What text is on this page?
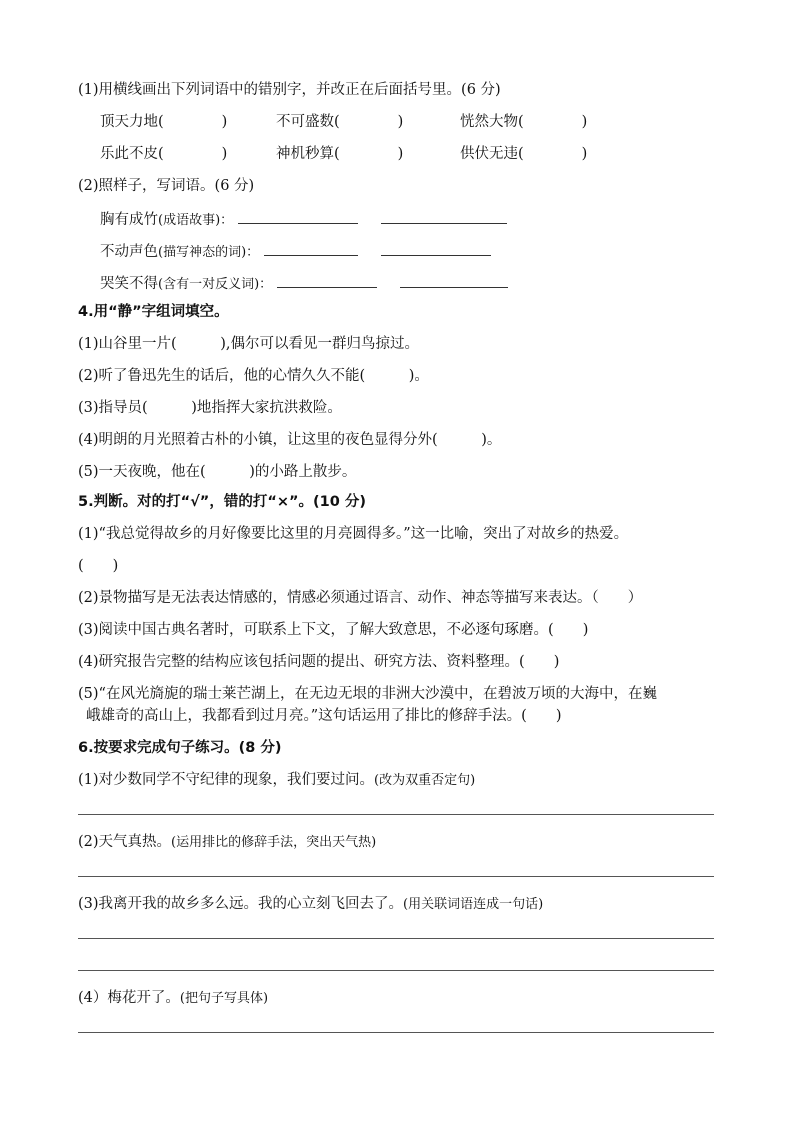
(1)用横线画出下列词语中的错别字，并改正在后面括号里。(6 分)
顶天力地(　　　　)	不可盛数(　　　　)	恍然大物(　　　　)
乐此不皮(　　　　)	神机秒算(　　　　)	供伏无违(　　　　)
(2)照样子，写词语。(6 分)
胸有成竹(成语故事)：
不动声色(描写神态的词)：
哭笑不得(含有一对反义词)：
4.用“静”字组词填空。
(1)山谷里一片(　　　),偶尔可以看见一群归鸟掠过。
(2)听了鲁迅先生的话后，他的心情久久不能(　　　)。
(3)指导员(　　　)地指挥大家抗洪救险。
(4)明朗的月光照着古朴的小镇，让这里的夜色显得分外(　　　)。
(5)一天夜晚，他在(　　　)的小路上散步。
5.判断。对的打“√”，错的打“×”。(10 分)
(1)“我总觉得故乡的月好像要比这里的月亮圆得多。”这一比喻，突出了对故乡的热爱。
(　　)
(2)景物描写是无法表达情感的，情感必须通过语言、动作、神态等描写来表达。（　　）
(3)阅读中国古典名著时，可联系上下文，了解大致意思，不必逐句琢磨。(　　)
(4)研究报告完整的结构应该包括问题的提出、研究方法、资料整理。(　　)
(5)“在风光旖旎的瑞士莱芒湖上，在无边无垠的非洲大沙漠中，在碧波万顷的大海中，在巍
峨雄奇的高山上，我都看到过月亮。”这句话运用了排比的修辞手法。(　　)
6.按要求完成句子练习。(8 分)
(1)对少数同学不守纪律的现象，我们要过问。(改为双重否定句)
(2)天气真热。(运用排比的修辞手法，突出天气热)
(3)我离开我的故乡多么远。我的心立刻飞回去了。(用关联词语连成一句话)
(4）梅花开了。(把句子写具体)
